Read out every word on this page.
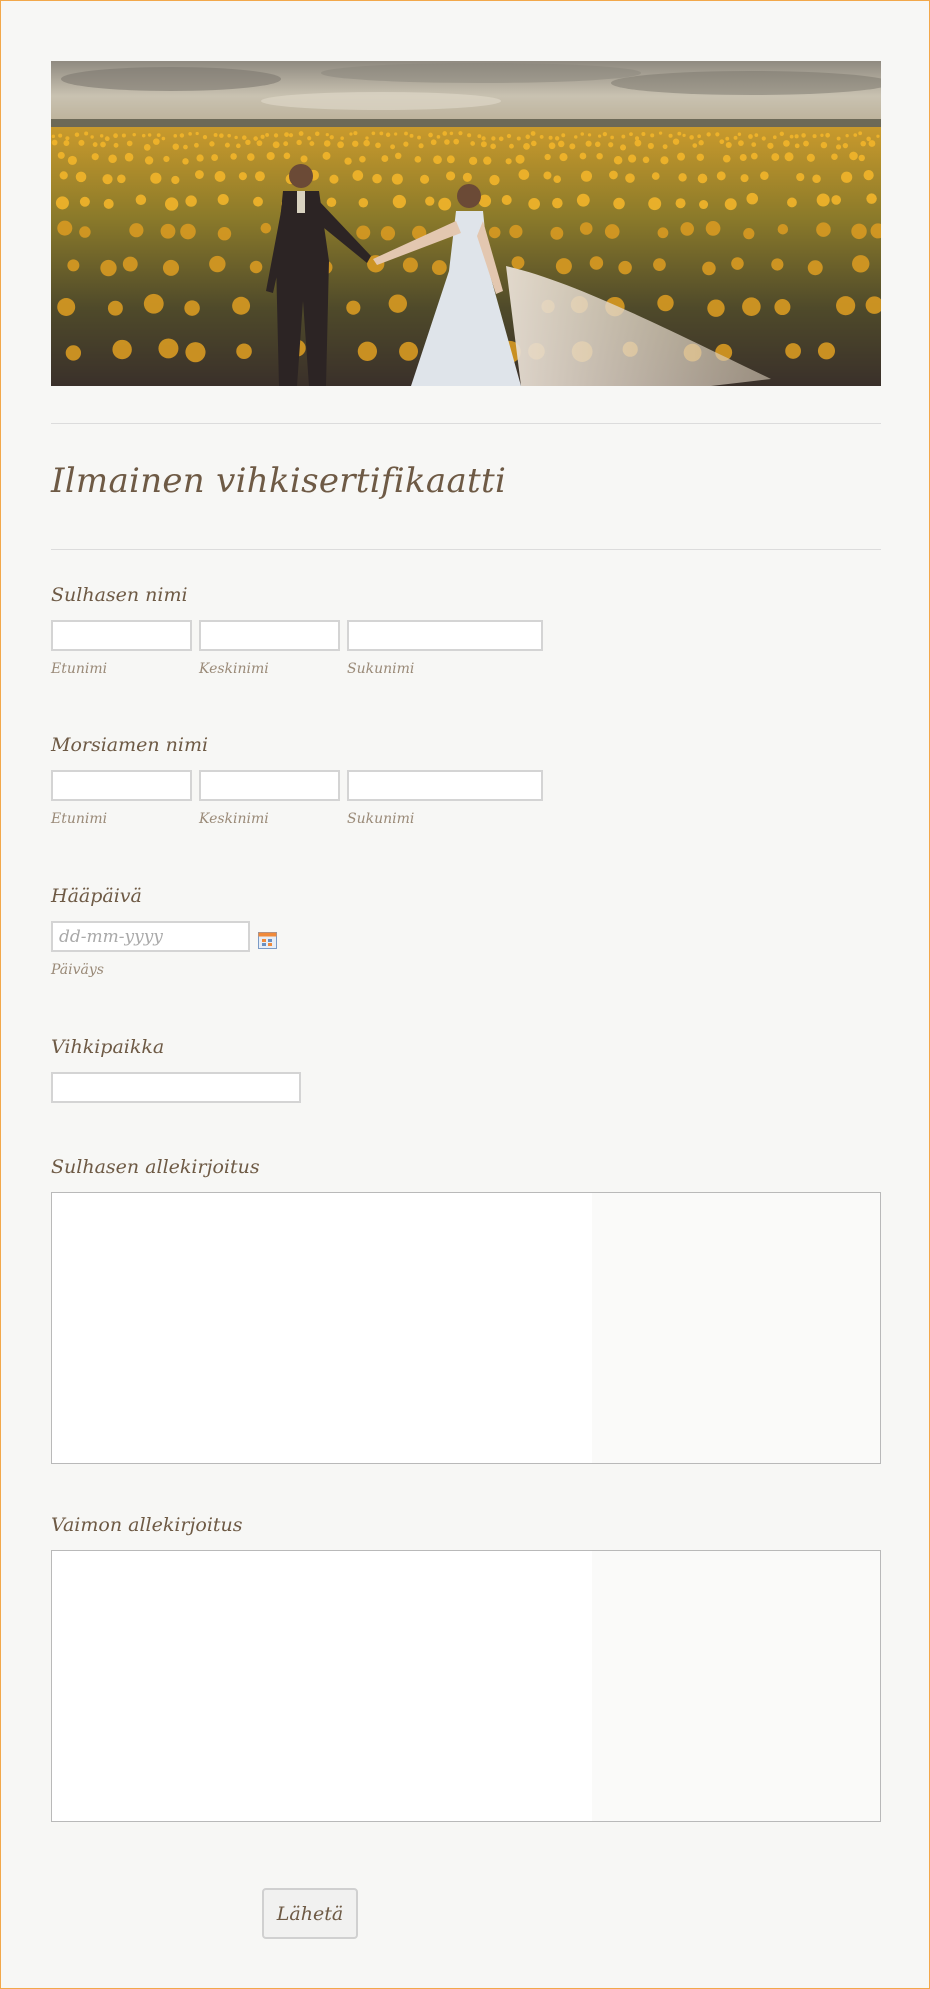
Ilmainen vihkisertifikaatti
Sulhasen nimi
Etunimi	Keskinimi	Sukunimi
Morsiamen nimi
Etunimi	Keskinimi	Sukunimi
Hääpäivä
dd-mm-yyyy
Päiväys
Vihkipaikka
Sulhasen allekirjoitus
Vaimon allekirjoitus
Lähetä
